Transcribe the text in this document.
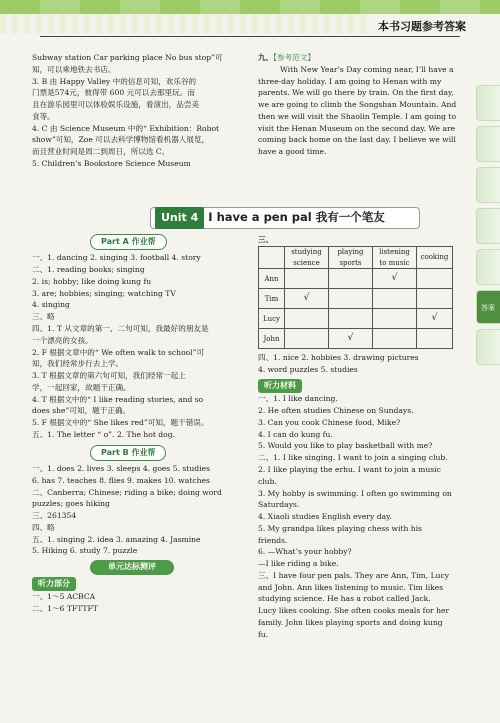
本书习题参考答案
答案
Subway station Car parking place No bus stop”可
知，可以乘地铁去书店。
3. B 由 Happy Valley 中的信息可知，欢乐谷的
门票是574元，彼得带 600 元可以去那里玩。而
且在游乐园里可以体验娱乐设施，看演出，品尝美
食等。
4. C 由 Science Museum 中的“ Exhibition：Robot
show”可知，Zoe 可以去科学博物馆看机器人展览，
而且营业时间是周二到周日，所以选 C。
5. Children’s Bookstore Science Museum
九、【参考范文】
With New Year’s Day coming near, I’ll have a
three-day holiday. I am going to Henan with my
parents. We will go there by train. On the first day,
we are going to climb the Songshan Mountain. And
then we will visit the Shaolin Temple. I am going to
visit the Henan Museum on the second day. We are
coming back home on the last day. I believe we will
have a good time.
Unit 4 I have a pen pal 我有一个笔友
Part A 作业帮
一、1. dancing 2. singing 3. football 4. story
二、1. reading books; singing
2. is; hobby; like doing kung fu
3. are; hobbies; singing; watching TV
4. singing
三、略
四、1. T 从文章的第一、二句可知，我最好的朋友是
一个漂亮的女孩。
2. F 根据文章中的“ We often walk to school”可
知，我们经常步行去上学。
3. T 根据文章的第六句可知，我们经常一起上
学，一起回家，故题干正确。
4. T 根据文中的“ I like reading stories, and so
does she”可知，题干正确。
5. F 根据文中的“ She likes red”可知，题干错误。
五、1. The letter “ o”. 2. The hot dog.
Part B 作业帮
一、1. does 2. lives 3. sleeps 4. goes 5. studies
6. has 7. teaches 8. flies 9. makes 10. watches
二、Canberra; Chinese; riding a bike; doing word
puzzles; goes hiking
三、261354
四、略
五、1. singing 2. idea 3. amazing 4. Jasmine
5. Hiking 6. study 7. puzzle
单元达标测评
听力部分
一、1～5 ACBCA
二、1～6 TFTTFT
三、
	studying science	playing sports	listening to music	cooking
Ann			√	
Tim	√			
Lucy				√
John		√		
四、1. nice 2. hobbies 3. drawing pictures
4. word puzzles 5. studies
听力材料
一、1. I like dancing.
2. He often studies Chinese on Sundays.
3. Can you cook Chinese food, Mike?
4. I can do kung fu.
5. Would you like to play basketball with me?
二、1. I like singing. I want to join a singing club.
2. I like playing the erhu. I want to join a music
club.
3. My hobby is swimming. I often go swimming on
Saturdays.
4. Xiaoli studies English every day.
5. My grandpa likes playing chess with his
friends.
6. —What’s your hobby?
—I like riding a bike.
三、I have four pen pals. They are Ann, Tim, Lucy
and John. Ann likes listening to music. Tim likes
studying science. He has a robot called Jack.
Lucy likes cooking. She often cooks meals for her
family. John likes playing sports and doing kung
fu.
